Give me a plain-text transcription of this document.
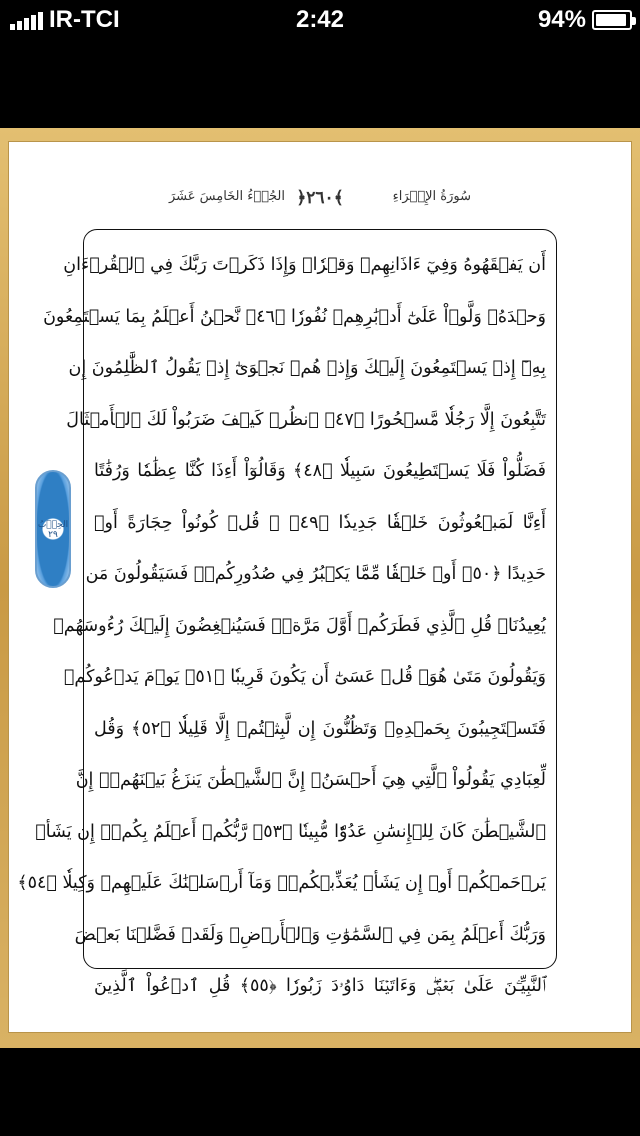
IR-TCI	2:42	94%
سُورَةُ الإِسۡرَاءِ
﴿٢٦٠﴾
الجُزۡءُ الخَامِسَ عَشَرَ
الحِزۡبُ ٢٩
أَن يَفۡقَهُوهُ وَفِيٓ ءَاذَانِهِمۡ وَقۡرٗاۚ وَإِذَا ذَكَرۡتَ رَبَّكَ فِي ٱلۡقُرۡءَانِ
وَحۡدَهُۥ وَلَّوۡاْ عَلَىٰٓ أَدۡبَٰرِهِمۡ نُفُورٗا ﴿٤٦﴾ نَّحۡنُ أَعۡلَمُ بِمَا يَسۡتَمِعُونَ
بِهِۦٓ إِذۡ يَسۡتَمِعُونَ إِلَيۡكَ وَإِذۡ هُمۡ نَجۡوَىٰٓ إِذۡ يَقُولُ ٱلظَّٰلِمُونَ إِن
تَتَّبِعُونَ إِلَّا رَجُلٗا مَّسۡحُورًا ﴿٤٧﴾ ٱنظُرۡ كَيۡفَ ضَرَبُواْ لَكَ ٱلۡأَمۡثَالَ
فَضَلُّواْ فَلَا يَسۡتَطِيعُونَ سَبِيلٗا ﴿٤٨﴾ وَقَالُوٓاْ أَءِذَا كُنَّا عِظَٰمٗا وَرُفَٰتًا
أَءِنَّا لَمَبۡعُوثُونَ خَلۡقٗا جَدِيدٗا ﴿٤٩﴾ ۞ قُلۡ كُونُواْ حِجَارَةً أَوۡ
حَدِيدًا ﴿٥٠﴾ أَوۡ خَلۡقٗا مِّمَّا يَكۡبُرُ فِي صُدُورِكُمۡۚ فَسَيَقُولُونَ مَن
يُعِيدُنَاۖ قُلِ ٱلَّذِي فَطَرَكُمۡ أَوَّلَ مَرَّةٖۚ فَسَيُنۡغِضُونَ إِلَيۡكَ رُءُوسَهُمۡ
وَيَقُولُونَ مَتَىٰ هُوَۖ قُلۡ عَسَىٰٓ أَن يَكُونَ قَرِيبٗا ﴿٥١﴾ يَوۡمَ يَدۡعُوكُمۡ
فَتَسۡتَجِيبُونَ بِحَمۡدِهِۦ وَتَظُنُّونَ إِن لَّبِثۡتُمۡ إِلَّا قَلِيلٗا ﴿٥٢﴾ وَقُل
لِّعِبَادِي يَقُولُواْ ٱلَّتِي هِيَ أَحۡسَنُۚ إِنَّ ٱلشَّيۡطَٰنَ يَنزَغُ بَيۡنَهُمۡۚ إِنَّ
ٱلشَّيۡطَٰنَ كَانَ لِلۡإِنسَٰنِ عَدُوّٗا مُّبِينٗا ﴿٥٣﴾ رَّبُّكُمۡ أَعۡلَمُ بِكُمۡۖ إِن يَشَأۡ
يَرۡحَمۡكُمۡ أَوۡ إِن يَشَأۡ يُعَذِّبۡكُمۡۚ وَمَآ أَرۡسَلۡنَٰكَ عَلَيۡهِمۡ وَكِيلٗا ﴿٥٤﴾
وَرَبُّكَ أَعۡلَمُ بِمَن فِي ٱلسَّمَٰوَٰتِ وَٱلۡأَرۡضِۗ وَلَقَدۡ فَضَّلۡنَا بَعۡضَ
ٱلنَّبِيِّـۧنَ عَلَىٰ بَعۡضٖۖ وَءَاتَيۡنَا دَاوُۥدَ زَبُورٗا ﴿٥٥﴾ قُلِ ٱدۡعُواْ ٱلَّذِينَ
